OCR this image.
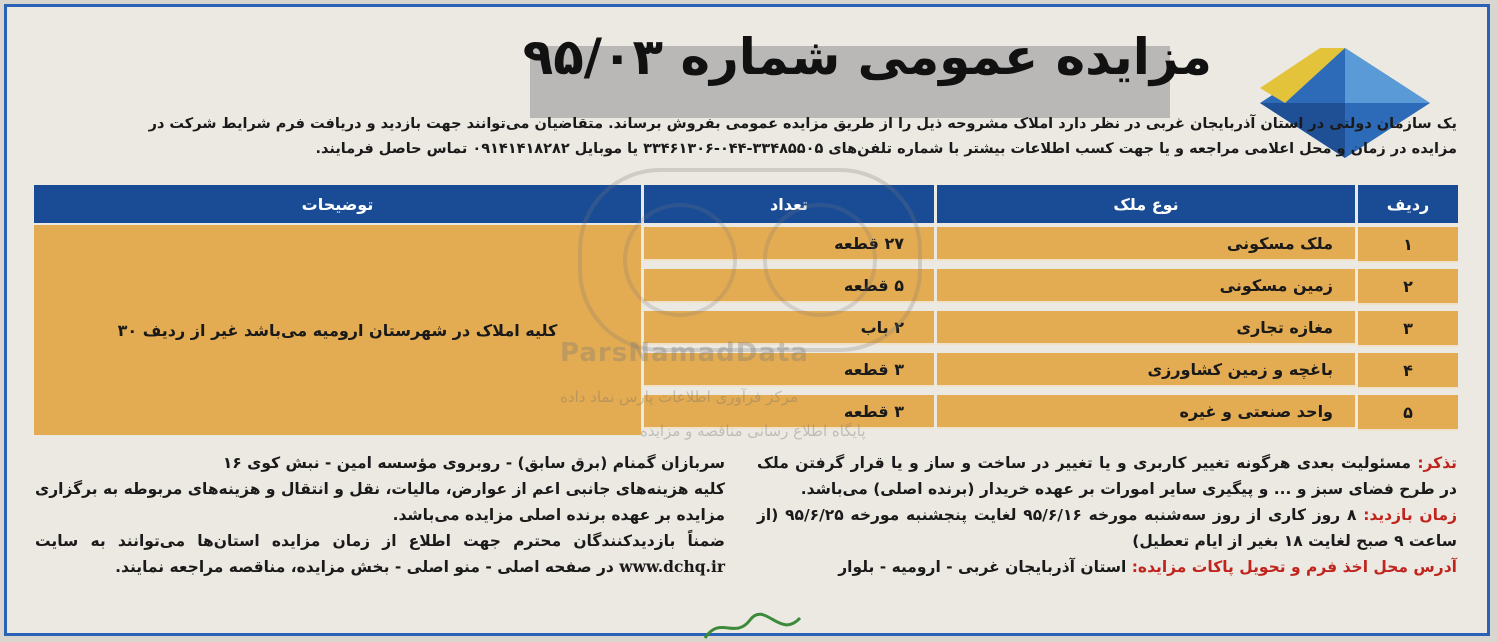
مزایده عمومی شماره ۹۵/۰۳

یک سازمان دولتی در استان آذربایجان غربی در نظر دارد املاک مشروحه ذیل را از طریق مزایده عمومی بفروش برساند. متقاضیان می‌توانند جهت بازدید و دریافت فرم شرایط شرکت در

مزایده در زمان و محل اعلامی مراجعه و یا جهت کسب اطلاعات بیشتر با شماره تلفن‌های ۳۳۴۸۵۵۰۵-۰۴۴-۳۳۴۶۱۳۰۶ یا موبایل ۰۹۱۴۱۴۱۸۲۸۲ تماس حاصل فرمایند.

ردیف
نوع ملک
تعداد
توضیحات
۱
ملک مسکونی
۲۷ قطعه
۲
زمین مسکونی
۵ قطعه
۳
مغازه تجاری
۲ باب
۴
باغچه و زمین کشاورزی
۳ قطعه
۵
واحد صنعتی و غیره
۳ قطعه
کلیه املاک در شهرستان ارومیه می‌باشد غیر از ردیف ۳۰

تذکر: مسئولیت بعدی هرگونه تغییر کاربری و یا تغییر در ساخت و ساز و یا قرار گرفتن ملک در طرح فضای سبز و ... و پیگیری سایر امورات بر عهده خریدار (برنده اصلی) می‌باشد.

زمان بازدید: ۸ روز کاری از روز سه‌شنبه مورخه ۹۵/۶/۱۶ لغایت پنجشنبه مورخه ۹۵/۶/۲۵ (از ساعت ۹ صبح لغایت ۱۸ بغیر از ایام تعطیل)

آدرس محل اخذ فرم و تحویل پاکات مزایده: استان آذربایجان غربی - ارومیه - بلوار

سربازان گمنام (برق سابق) - روبروی مؤسسه امین - نبش کوی ۱۶

کلیه هزینه‌های جانبی اعم از عوارض، مالیات، نقل و انتقال و هزینه‌های مربوطه به برگزاری مزایده بر عهده برنده اصلی مزایده می‌باشد.

ضمناً بازدیدکنندگان محترم جهت اطلاع از زمان مزایده استان‌ها می‌توانند به سایت www.dchq.ir در صفحه اصلی - منو اصلی - بخش مزایده، مناقصه مراجعه نمایند.

ParsNamadData
مرکز فرآوری اطلاعات پارس نماد داده
پایگاه اطلاع رسانی مناقصه و مزایده
